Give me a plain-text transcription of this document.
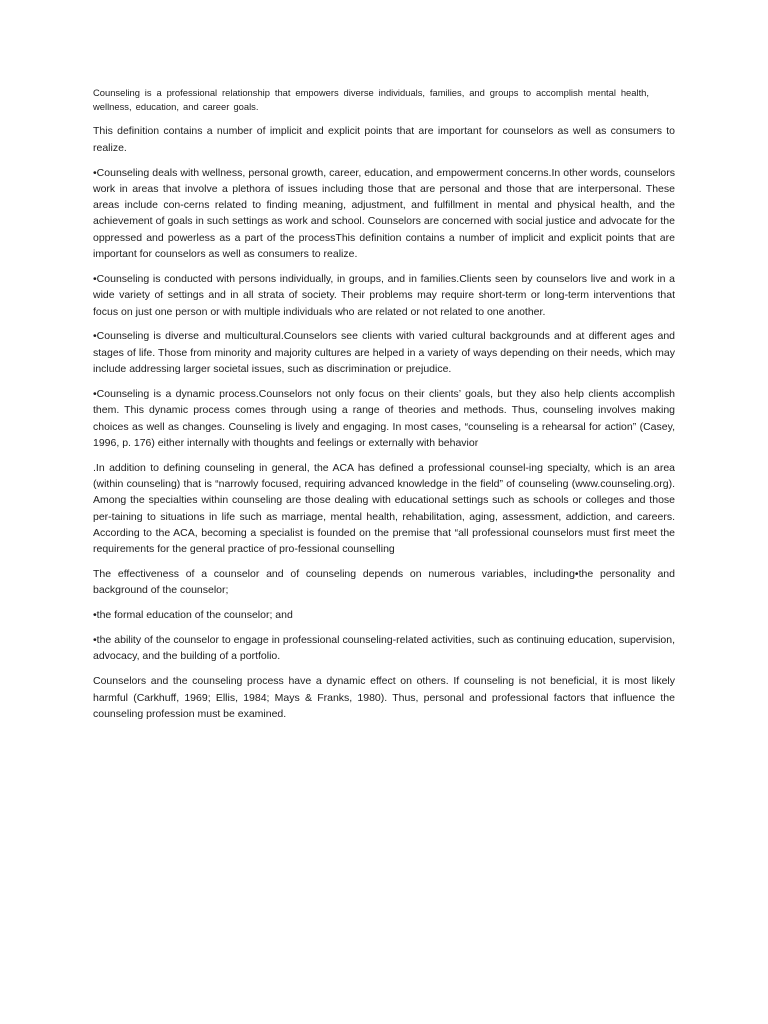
Counseling is a professional relationship that empowers diverse individuals, families, and groups to accomplish mental health, wellness, education, and career goals.

This definition contains a number of implicit and explicit points that are important for counselors as well as consumers to realize.

•Counseling deals with wellness, personal growth, career, education, and empowerment concerns.In other words, counselors work in areas that involve a plethora of issues including those that are personal and those that are interpersonal. These areas include con-cerns related to finding meaning, adjustment, and fulfillment in mental and physical health, and the achievement of goals in such settings as work and school. Counselors are concerned with social justice and advocate for the oppressed and powerless as a part of the processThis definition contains a number of implicit and explicit points that are important for counselors as well as consumers to realize.

•Counseling is conducted with persons individually, in groups, and in families.Clients seen by counselors live and work in a wide variety of settings and in all strata of society. Their problems may require short-term or long-term interventions that focus on just one person or with multiple individuals who are related or not related to one another.

•Counseling is diverse and multicultural.Counselors see clients with varied cultural backgrounds and at different ages and stages of life. Those from minority and majority cultures are helped in a variety of ways depending on their needs, which may include addressing larger societal issues, such as discrimination or prejudice.

•Counseling is a dynamic process.Counselors not only focus on their clients’ goals, but they also help clients accomplish them. This dynamic process comes through using a range of theories and methods. Thus, counseling involves making choices as well as changes. Counseling is lively and engaging. In most cases, “counseling is a rehearsal for action” (Casey, 1996, p. 176) either internally with thoughts and feelings or externally with behavior

.In addition to defining counseling in general, the ACA has defined a professional counsel-ing specialty, which is an area (within counseling) that is “narrowly focused, requiring advanced knowledge in the field” of counseling (www.counseling.org). Among the specialties within counseling are those dealing with educational settings such as schools or colleges and those per-taining to situations in life such as marriage, mental health, rehabilitation, aging, assessment, addiction, and careers. According to the ACA, becoming a specialist is founded on the premise that “all professional counselors must first meet the requirements for the general practice of pro-fessional counselling

The effectiveness of a counselor and of counseling depends on numerous variables, including•the personality and background of the counselor;

•the formal education of the counselor; and

•the ability of the counselor to engage in professional counseling-related activities, such as continuing education, supervision, advocacy, and the building of a portfolio.

Counselors and the counseling process have a dynamic effect on others. If counseling is not beneficial, it is most likely harmful (Carkhuff, 1969; Ellis, 1984; Mays & Franks, 1980). Thus, personal and professional factors that influence the counseling profession must be examined.
